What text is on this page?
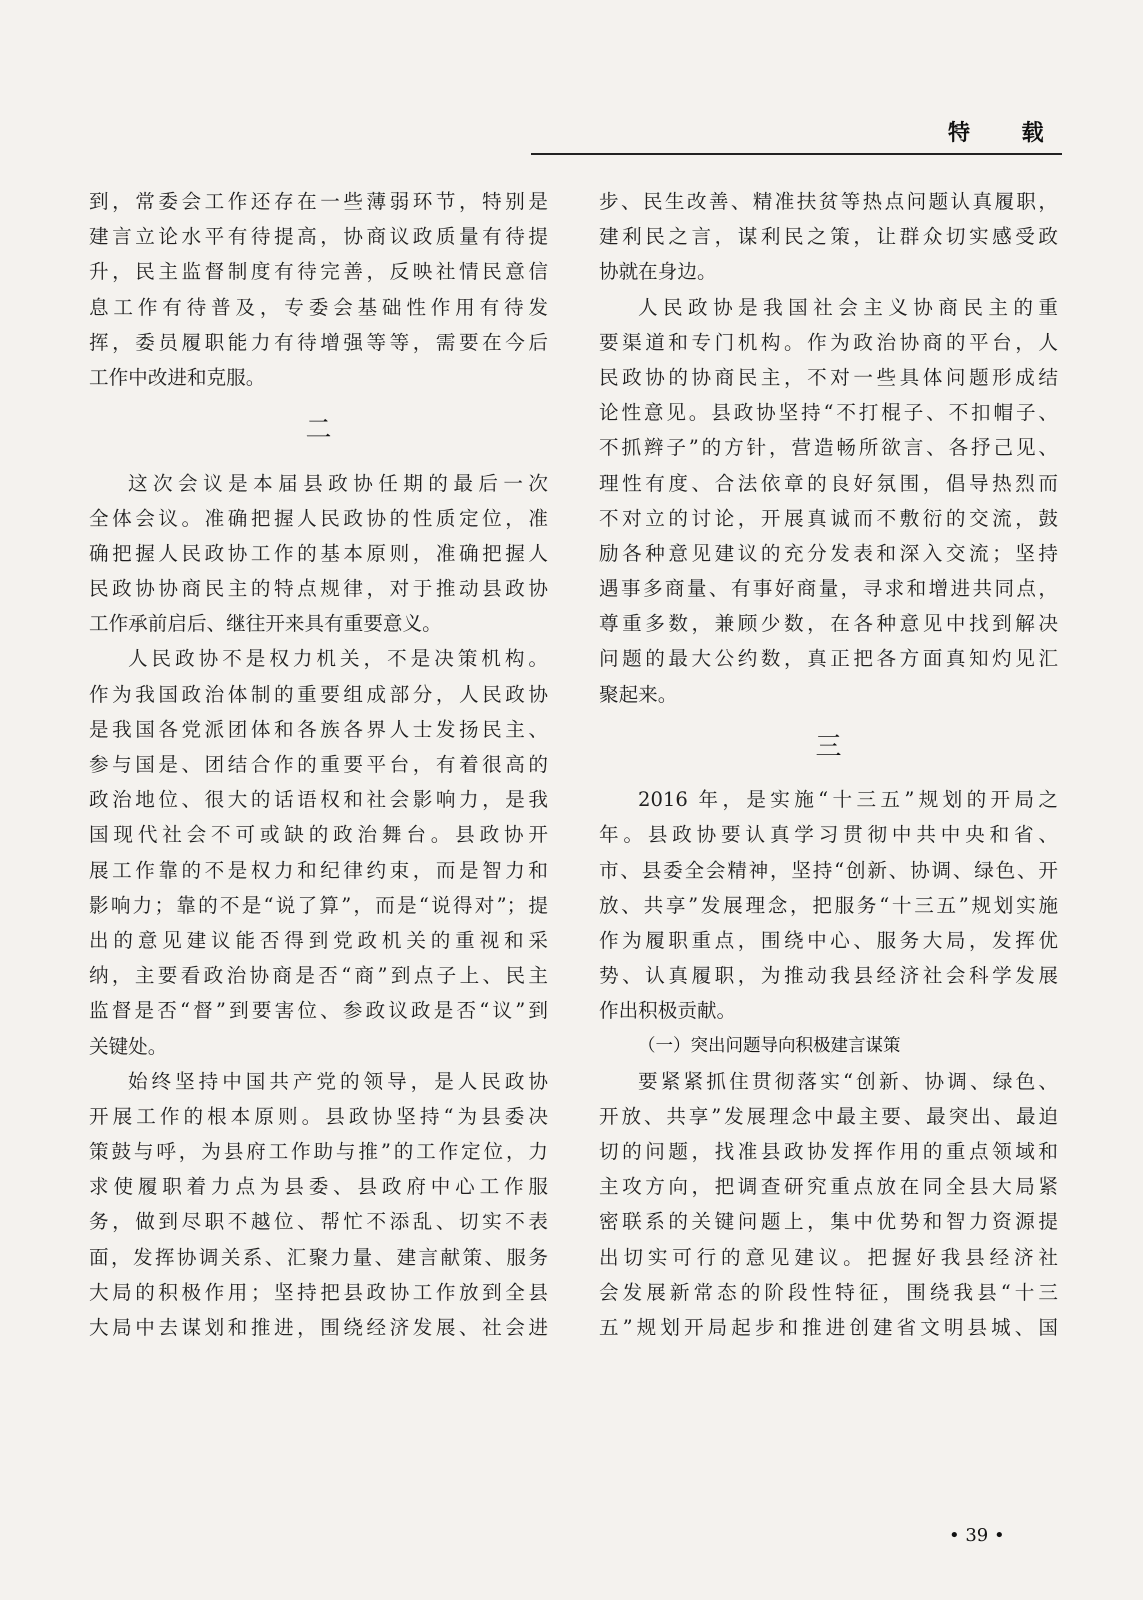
特 载
到，常委会工作还存在一些薄弱环节，特别是
建言立论水平有待提高，协商议政质量有待提
升，民主监督制度有待完善，反映社情民意信
息工作有待普及，专委会基础性作用有待发
挥，委员履职能力有待增强等等，需要在今后
工作中改进和克服。
二
这次会议是本届县政协任期的最后一次
全体会议。准确把握人民政协的性质定位，准
确把握人民政协工作的基本原则，准确把握人
民政协协商民主的特点规律，对于推动县政协
工作承前启后、继往开来具有重要意义。
人民政协不是权力机关，不是决策机构。
作为我国政治体制的重要组成部分，人民政协
是我国各党派团体和各族各界人士发扬民主、
参与国是、团结合作的重要平台，有着很高的
政治地位、很大的话语权和社会影响力，是我
国现代社会不可或缺的政治舞台。县政协开
展工作靠的不是权力和纪律约束，而是智力和
影响力；靠的不是“说了算”，而是“说得对”；提
出的意见建议能否得到党政机关的重视和采
纳，主要看政治协商是否“商”到点子上、民主
监督是否“督”到要害位、参政议政是否“议”到
关键处。
始终坚持中国共产党的领导，是人民政协
开展工作的根本原则。县政协坚持“为县委决
策鼓与呼，为县府工作助与推”的工作定位，力
求使履职着力点为县委、县政府中心工作服
务，做到尽职不越位、帮忙不添乱、切实不表
面，发挥协调关系、汇聚力量、建言献策、服务
大局的积极作用；坚持把县政协工作放到全县
大局中去谋划和推进，围绕经济发展、社会进
步、民生改善、精准扶贫等热点问题认真履职，
建利民之言，谋利民之策，让群众切实感受政
协就在身边。
人民政协是我国社会主义协商民主的重
要渠道和专门机构。作为政治协商的平台，人
民政协的协商民主，不对一些具体问题形成结
论性意见。县政协坚持“不打棍子、不扣帽子、
不抓辫子”的方针，营造畅所欲言、各抒己见、
理性有度、合法依章的良好氛围，倡导热烈而
不对立的讨论，开展真诚而不敷衍的交流，鼓
励各种意见建议的充分发表和深入交流；坚持
遇事多商量、有事好商量，寻求和增进共同点，
尊重多数，兼顾少数，在各种意见中找到解决
问题的最大公约数，真正把各方面真知灼见汇
聚起来。
三
2016 年，是实施“十三五”规划的开局之
年。县政协要认真学习贯彻中共中央和省、
市、县委全会精神，坚持“创新、协调、绿色、开
放、共享”发展理念，把服务“十三五”规划实施
作为履职重点，围绕中心、服务大局，发挥优
势、认真履职，为推动我县经济社会科学发展
作出积极贡献。
（一）突出问题导向积极建言谋策
要紧紧抓住贯彻落实“创新、协调、绿色、
开放、共享”发展理念中最主要、最突出、最迫
切的问题，找准县政协发挥作用的重点领域和
主攻方向，把调查研究重点放在同全县大局紧
密联系的关键问题上，集中优势和智力资源提
出切实可行的意见建议。把握好我县经济社
会发展新常态的阶段性特征，围绕我县“十三
五”规划开局起步和推进创建省文明县城、国
• 39 •
